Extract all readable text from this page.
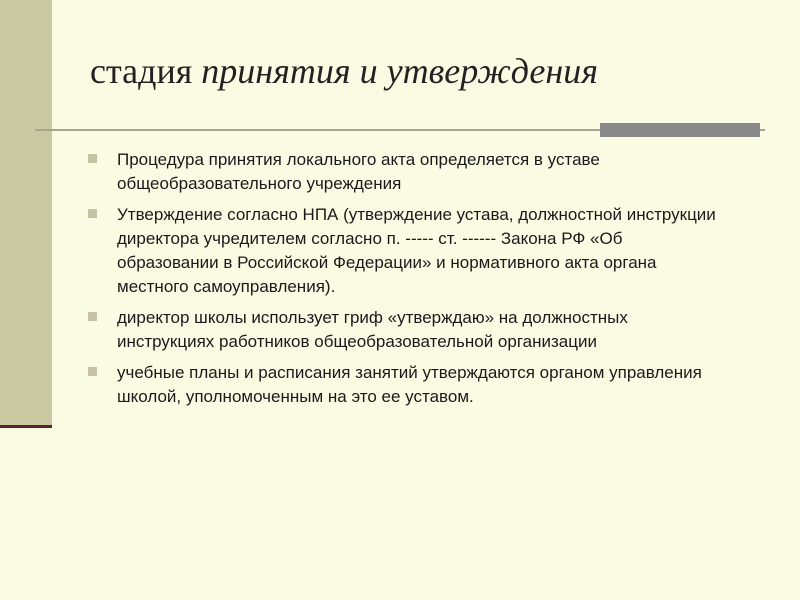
стадия принятия и утверждения
Процедура принятия локального акта определяется в уставе общеобразовательного учреждения
Утверждение согласно НПА (утверждение устава, должностной инструкции директора учредителем согласно п. ----- ст. ------ Закона РФ «Об образовании в Российской Федерации» и нормативного акта органа местного самоуправления).
директор школы использует гриф «утверждаю» на должностных инструкциях работников общеобразовательной организации
учебные планы и расписания занятий утверждаются органом управления школой, уполномоченным на это ее уставом.
